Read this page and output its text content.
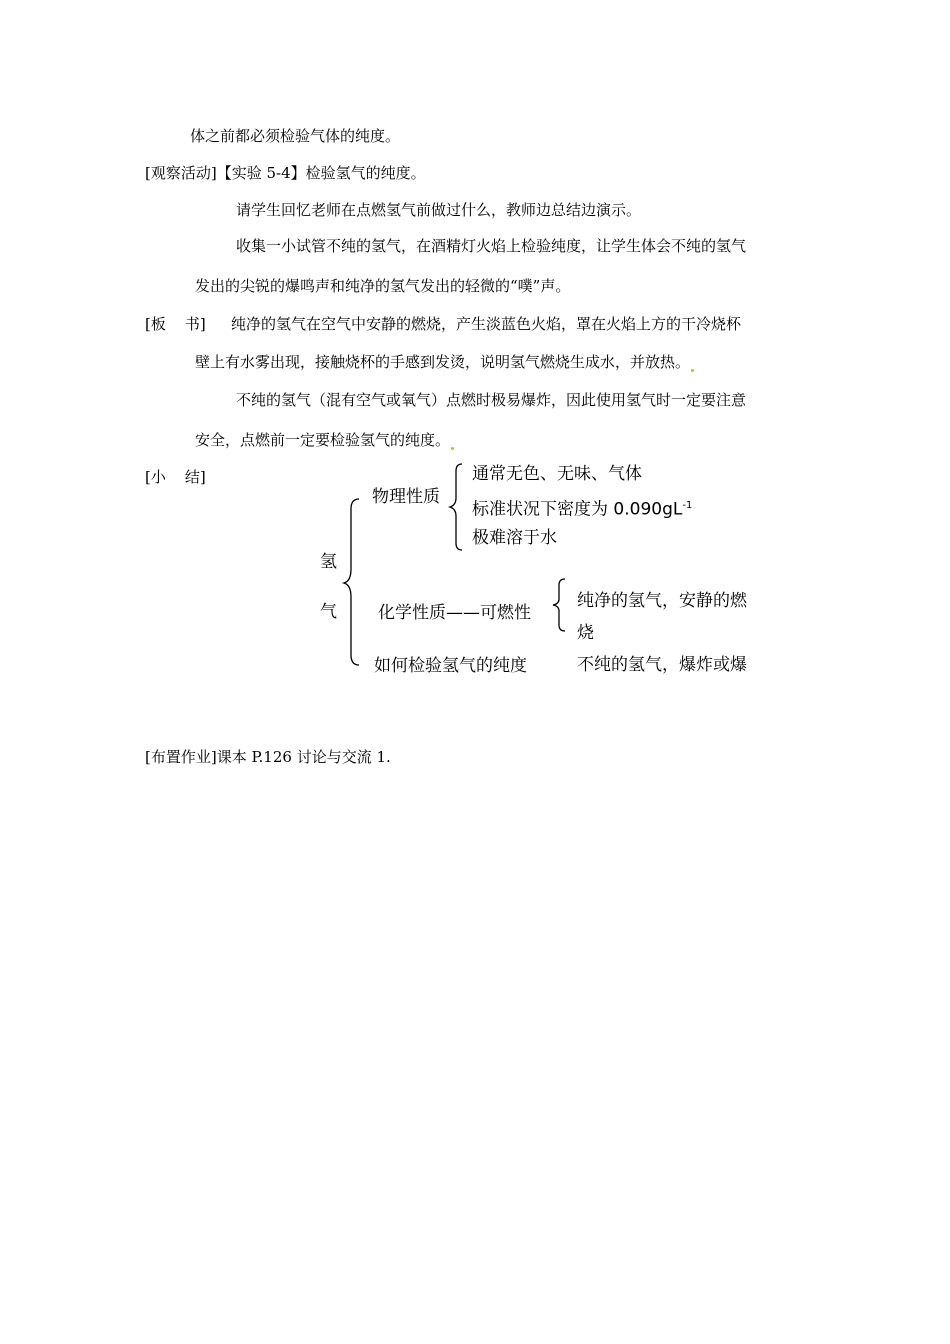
体之前都必须检验气体的纯度。
[观察活动]【实验 5-4】检验氢气的纯度。
请学生回忆老师在点燃氢气前做过什么，教师边总结边演示。
收集一小试管不纯的氢气，在酒精灯火焰上检验纯度，让学生体会不纯的氢气
发出的尖锐的爆鸣声和纯净的氢气发出的轻微的“噗”声。
[板    书] 纯净的氢气在空气中安静的燃烧，产生淡蓝色火焰，罩在火焰上方的干冷烧杯
壁上有水雾出现，接触烧杯的手感到发烫，说明氢气燃烧生成水，并放热。
不纯的氢气（混有空气或氧气）点燃时极易爆炸，因此使用氢气时一定要注意
安全，点燃前一定要检验氢气的纯度。
[小    结]
氢
气
物理性质
通常无色、无味、气体
标准状况下密度为 $0.090gL^{-1}$
极难溶于水
化学性质——可燃性
纯净的氢气，安静的燃
烧
如何检验氢气的纯度	不纯的氢气，爆炸或爆
[布置作业]课本 P.126 讨论与交流 1.
